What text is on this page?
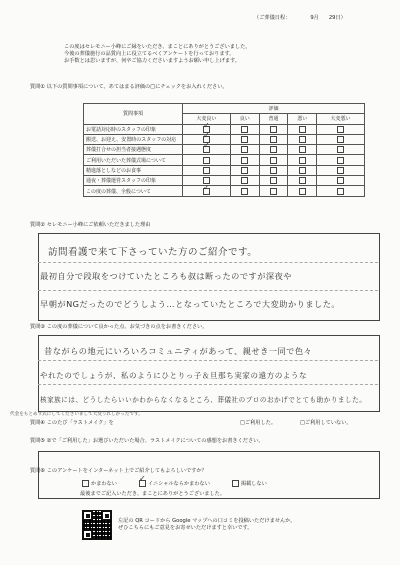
（ご葬儀日程：	9月 29日）
この度はセレモニー小峰にご縁をいただき、まことにありがとうございました。
今後の葬儀施行の品質向上に役立てるべくアンケートを行っております。
お手数とは思いますが、何卒ご協力くださいますようお願い申し上げます。
質問① 以下の質問事項について、あてはまる評価の□にチェックをお入れください。
質問事項	評価				
	大変良い	良い	普通	悪い	大変悪い
お電話対応時のスタッフの印象	✓				
搬送、お迎え、安置時のスタッフの対応	✓				
葬儀打合せの担当者接遇態度	✓				
ご利用いただいた葬儀式場について					
精進落としなどのお食事					
通夜・葬儀運営スタッフの印象					
この度の葬儀、全般について	✓				
質問② セレモニー小峰にご依頼いただきました理由
訪問看護で来て下さっていた方のご紹介です。
最初自分で段取をつけていたところも叔は断ったのですが深夜や
早朝がNGだったのでどうしよう…となっていたところで大変助かりました。
質問③ この度の葬儀について良かった点、お気づきの点をお書きください。
昔ながらの地元にいろいろコミュニティがあって、親せき一同で色々
やれたのでしょうが、私のようにひとりっ子＆旦那ち実家の遠方のような
核家族には、どうしたらいいかわからなくなるところ、葬儀社のプロのおかげでとても助かりました。
代金をもとめず式にしてくださいまして大変うれしかったです。
質問④ このたび「ラストメイク」を	□ご利用した。	□ご利用していない。
質問⑤ ②で「ご利用した」お選びいただいた場合、ラストメイクについての感想をお書きください。
質問⑥ このアンケートをインターネット上でご紹介してもよろしいですか？
かまわない ✓	イニシャルならかまわない	掲載しない
最後までご記入いただき、まことにありがとうございました。
左記の QR コードから Google マップへの口コミを投稿いただけませんか。
ぜひこちらにもご意見をお寄せいただけますと幸いです。
